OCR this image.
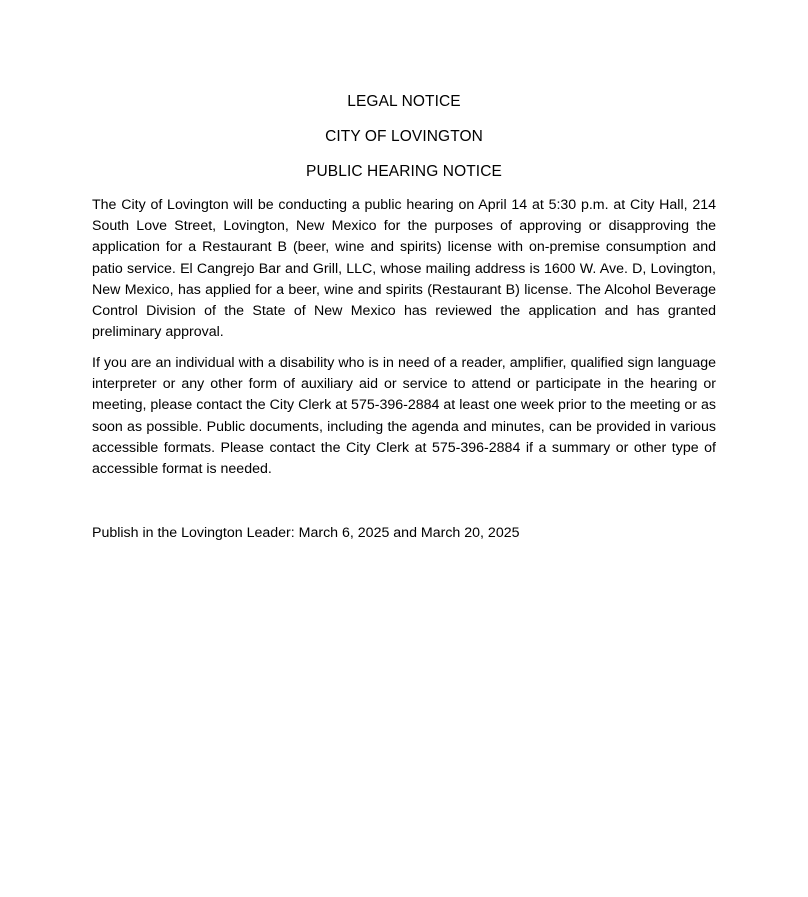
LEGAL NOTICE
CITY OF LOVINGTON
PUBLIC HEARING NOTICE

The City of Lovington will be conducting a public hearing on April 14 at 5:30 p.m. at City Hall, 214 South Love Street, Lovington, New Mexico for the purposes of approving or disapproving the application for a Restaurant B (beer, wine and spirits) license with on-premise consumption and patio service. El Cangrejo Bar and Grill, LLC, whose mailing address is 1600 W. Ave. D, Lovington, New Mexico, has applied for a beer, wine and spirits (Restaurant B) license. The Alcohol Beverage Control Division of the State of New Mexico has reviewed the application and has granted preliminary approval.

If you are an individual with a disability who is in need of a reader, amplifier, qualified sign language interpreter or any other form of auxiliary aid or service to attend or participate in the hearing or meeting, please contact the City Clerk at 575-396-2884 at least one week prior to the meeting or as soon as possible. Public documents, including the agenda and minutes, can be provided in various accessible formats. Please contact the City Clerk at 575-396-2884 if a summary or other type of accessible format is needed.

Publish in the Lovington Leader: March 6, 2025 and March 20, 2025
